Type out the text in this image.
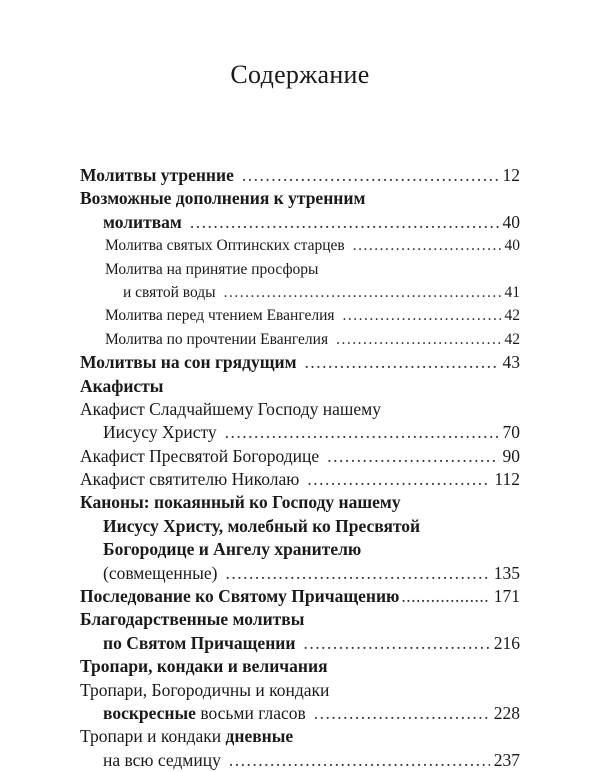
Содержание
Молитвы утренние .....	12
Возможные дополнения к утренним
молитвам .....	40
Молитва святых Оптинских старцев .....	40
Молитва на принятие просфоры
и святой воды .....	41
Молитва перед чтением Евангелия .....	42
Молитва по прочтении Евангелия .....	42
Молитвы на сон грядущим .....	43
Акафисты
Акафист Сладчайшему Господу нашему
Иисусу Христу .....	70
Акафист Пресвятой Богородице .....	90
Акафист святителю Николаю .....	112
Каноны: покаянный ко Господу нашему
Иисусу Христу, молебный ко Пресвятой
Богородице и Ангелу хранителю
(совмещенные) .....	135
Последование ко Святому Причащению .....	171
Благодарственные молитвы
по Святом Причащении .....	216
Тропари, кондаки и величания
Тропари, Богородичны и кондаки
воскресные восьми гласов .....	228
Тропари и кондаки дневные
на всю седмицу .....	237
